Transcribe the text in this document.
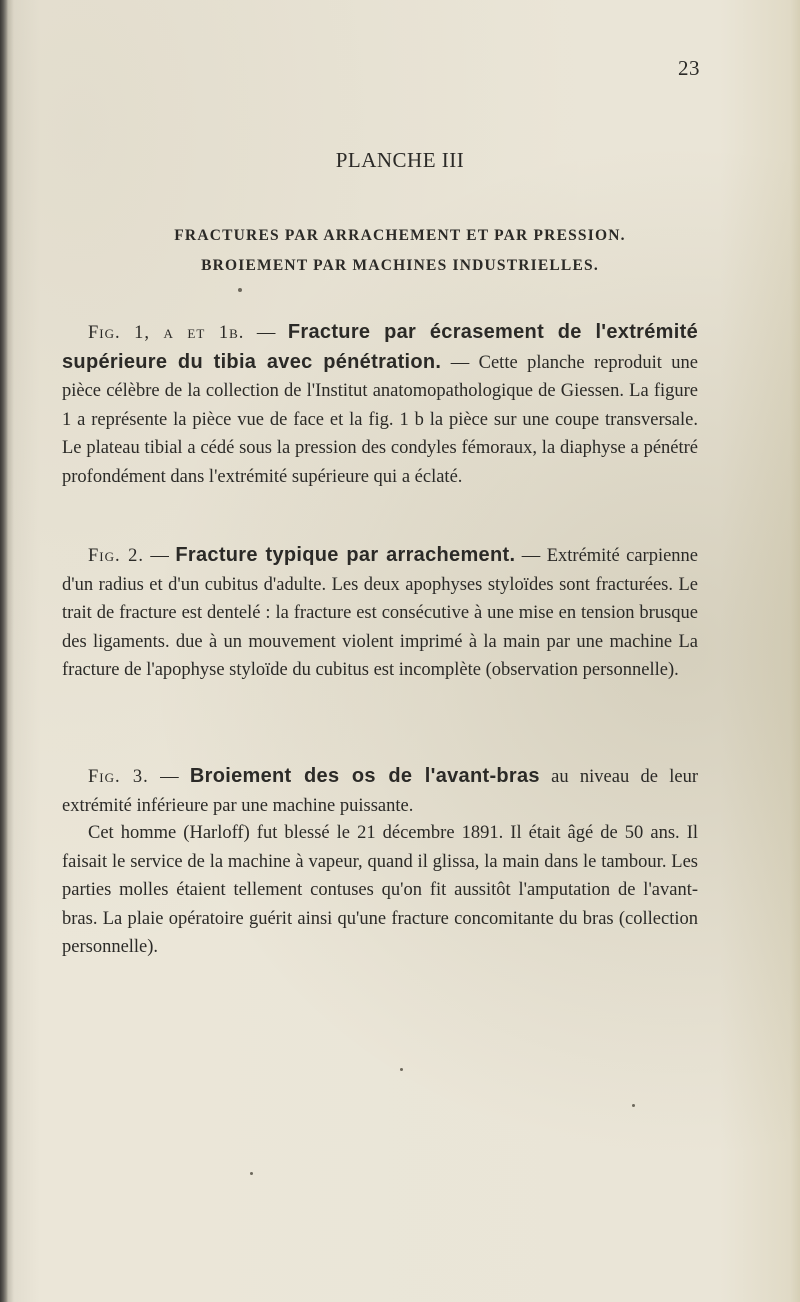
23
PLANCHE III
FRACTURES PAR ARRACHEMENT ET PAR PRESSION.
BROIEMENT PAR MACHINES INDUSTRIELLES.

Fig. 1, a et 1b. — Fracture par écrasement de l'extrémité supérieure du tibia avec pénétration. — Cette planche reproduit une pièce célèbre de la collection de l'Institut anatomopathologique de Giessen. La figure 1 a représente la pièce vue de face et la fig. 1 b la pièce sur une coupe transversale. Le plateau tibial a cédé sous la pression des condyles fémoraux, la diaphyse a pénétré profondément dans l'extrémité supérieure qui a éclaté.

Fig. 2. — Fracture typique par arrachement. — Extrémité carpienne d'un radius et d'un cubitus d'adulte. Les deux apophyses styloïdes sont fracturées. Le trait de fracture est dentelé : la fracture est consécutive à une mise en tension brusque des ligaments. due à un mouvement violent imprimé à la main par une machine La fracture de l'apophyse styloïde du cubitus est incomplète (observation personnelle).

Fig. 3. — Broiement des os de l'avant-bras au niveau de leur extrémité inférieure par une machine puissante.

Cet homme (Harloff) fut blessé le 21 décembre 1891. Il était âgé de 50 ans. Il faisait le service de la machine à vapeur, quand il glissa, la main dans le tambour. Les parties molles étaient tellement contuses qu'on fit aussitôt l'amputation de l'avant-bras. La plaie opératoire guérit ainsi qu'une fracture concomitante du bras (collection personnelle).
